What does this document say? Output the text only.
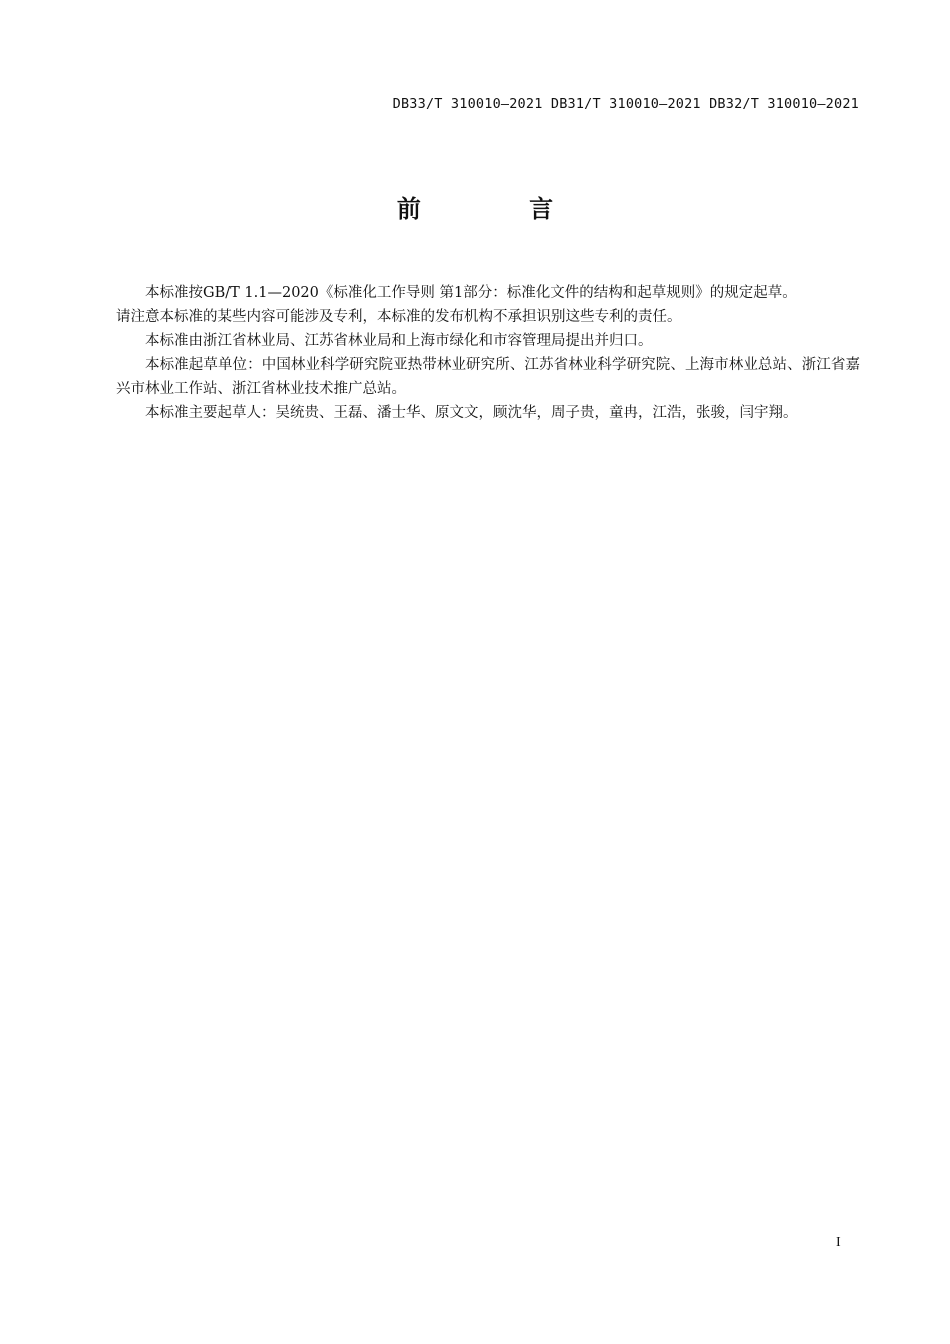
DB33/T 310010—2021 DB31/T 310010—2021 DB32/T 310010—2021
前 言

本标准按GB/T 1.1—2020《标准化工作导则 第1部分：标准化文件的结构和起草规则》的规定起草。

请注意本标准的某些内容可能涉及专利，本标准的发布机构不承担识别这些专利的责任。

本标准由浙江省林业局、江苏省林业局和上海市绿化和市容管理局提出并归口。

本标准起草单位：中国林业科学研究院亚热带林业研究所、江苏省林业科学研究院、上海市林业总站、浙江省嘉兴市林业工作站、浙江省林业技术推广总站。

本标准主要起草人：吴统贵、王磊、潘士华、原文文，顾沈华，周子贵，童冉，江浩，张骏，闫宇翔。

I
